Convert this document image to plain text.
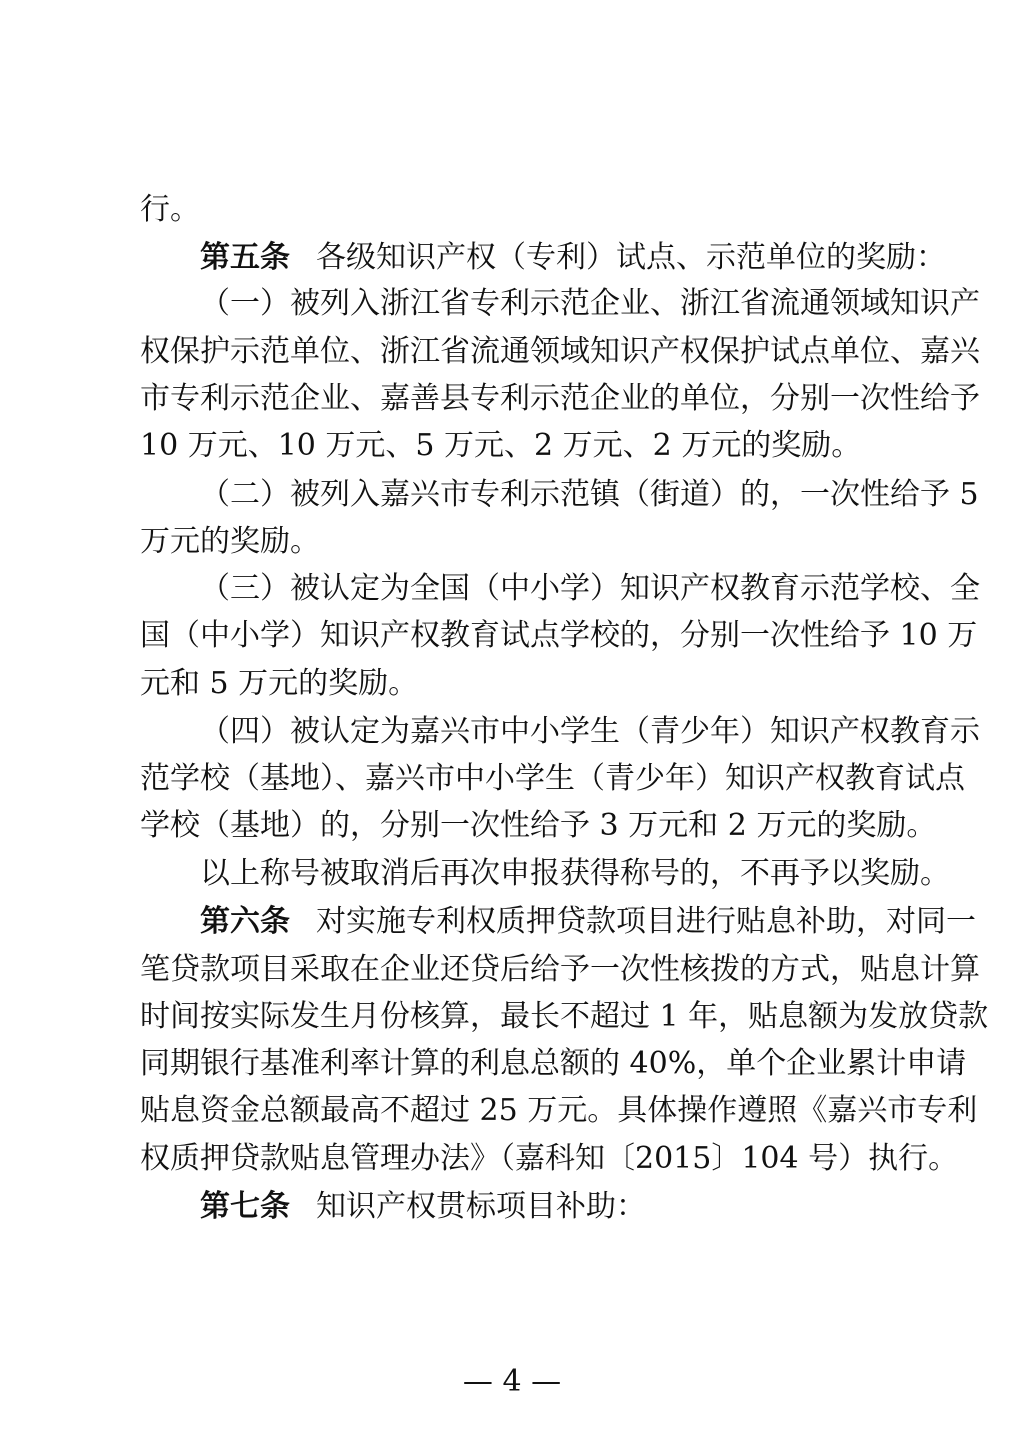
行。
第五条 各级知识产权（专利）试点、示范单位的奖励：
（一）被列入浙江省专利示范企业、浙江省流通领域知识产
权保护示范单位、浙江省流通领域知识产权保护试点单位、嘉兴
市专利示范企业、嘉善县专利示范企业的单位，分别一次性给予
10 万元、10 万元、5 万元、2 万元、2 万元的奖励。
（二）被列入嘉兴市专利示范镇（街道）的，一次性给予 5
万元的奖励。
（三）被认定为全国（中小学）知识产权教育示范学校、全
国（中小学）知识产权教育试点学校的，分别一次性给予 10 万
元和 5 万元的奖励。
（四）被认定为嘉兴市中小学生（青少年）知识产权教育示
范学校（基地）、嘉兴市中小学生（青少年）知识产权教育试点
学校（基地）的，分别一次性给予 3 万元和 2 万元的奖励。
以上称号被取消后再次申报获得称号的，不再予以奖励。
第六条 对实施专利权质押贷款项目进行贴息补助，对同一
笔贷款项目采取在企业还贷后给予一次性核拨的方式，贴息计算
时间按实际发生月份核算，最长不超过 1 年，贴息额为发放贷款
同期银行基准利率计算的利息总额的 40%，单个企业累计申请
贴息资金总额最高不超过 25 万元。具体操作遵照《嘉兴市专利
权质押贷款贴息管理办法》（嘉科知〔2015〕104 号）执行。
第七条 知识产权贯标项目补助：
— 4 —
